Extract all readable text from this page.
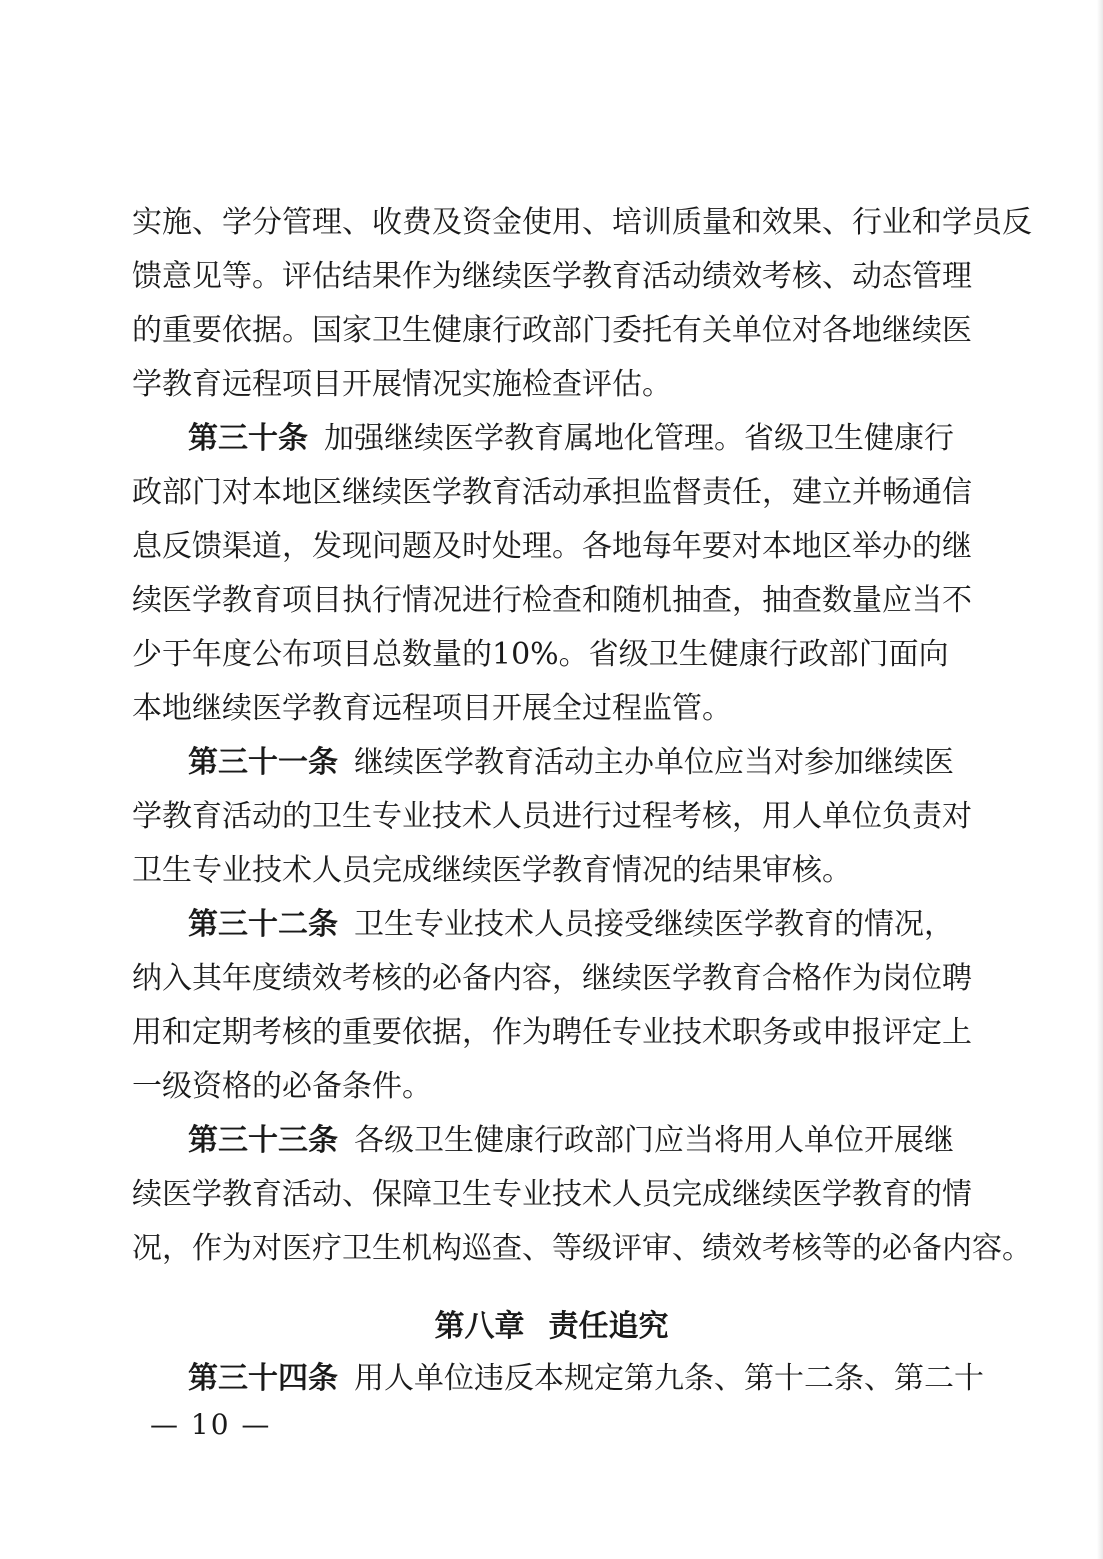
实施、学分管理、收费及资金使用、培训质量和效果、行业和学员反
馈意见等。评估结果作为继续医学教育活动绩效考核、动态管理
的重要依据。国家卫生健康行政部门委托有关单位对各地继续医
学教育远程项目开展情况实施检查评估。
第三十条 加强继续医学教育属地化管理。省级卫生健康行
政部门对本地区继续医学教育活动承担监督责任，建立并畅通信
息反馈渠道，发现问题及时处理。各地每年要对本地区举办的继
续医学教育项目执行情况进行检查和随机抽查，抽查数量应当不
少于年度公布项目总数量的10%。省级卫生健康行政部门面向
本地继续医学教育远程项目开展全过程监管。
第三十一条 继续医学教育活动主办单位应当对参加继续医
学教育活动的卫生专业技术人员进行过程考核，用人单位负责对
卫生专业技术人员完成继续医学教育情况的结果审核。
第三十二条 卫生专业技术人员接受继续医学教育的情况，
纳入其年度绩效考核的必备内容，继续医学教育合格作为岗位聘
用和定期考核的重要依据，作为聘任专业技术职务或申报评定上
一级资格的必备条件。
第三十三条 各级卫生健康行政部门应当将用人单位开展继
续医学教育活动、保障卫生专业技术人员完成继续医学教育的情
况，作为对医疗卫生机构巡查、等级评审、绩效考核等的必备内容。
第八章 责任追究
第三十四条 用人单位违反本规定第九条、第十二条、第二十
— 10 —
